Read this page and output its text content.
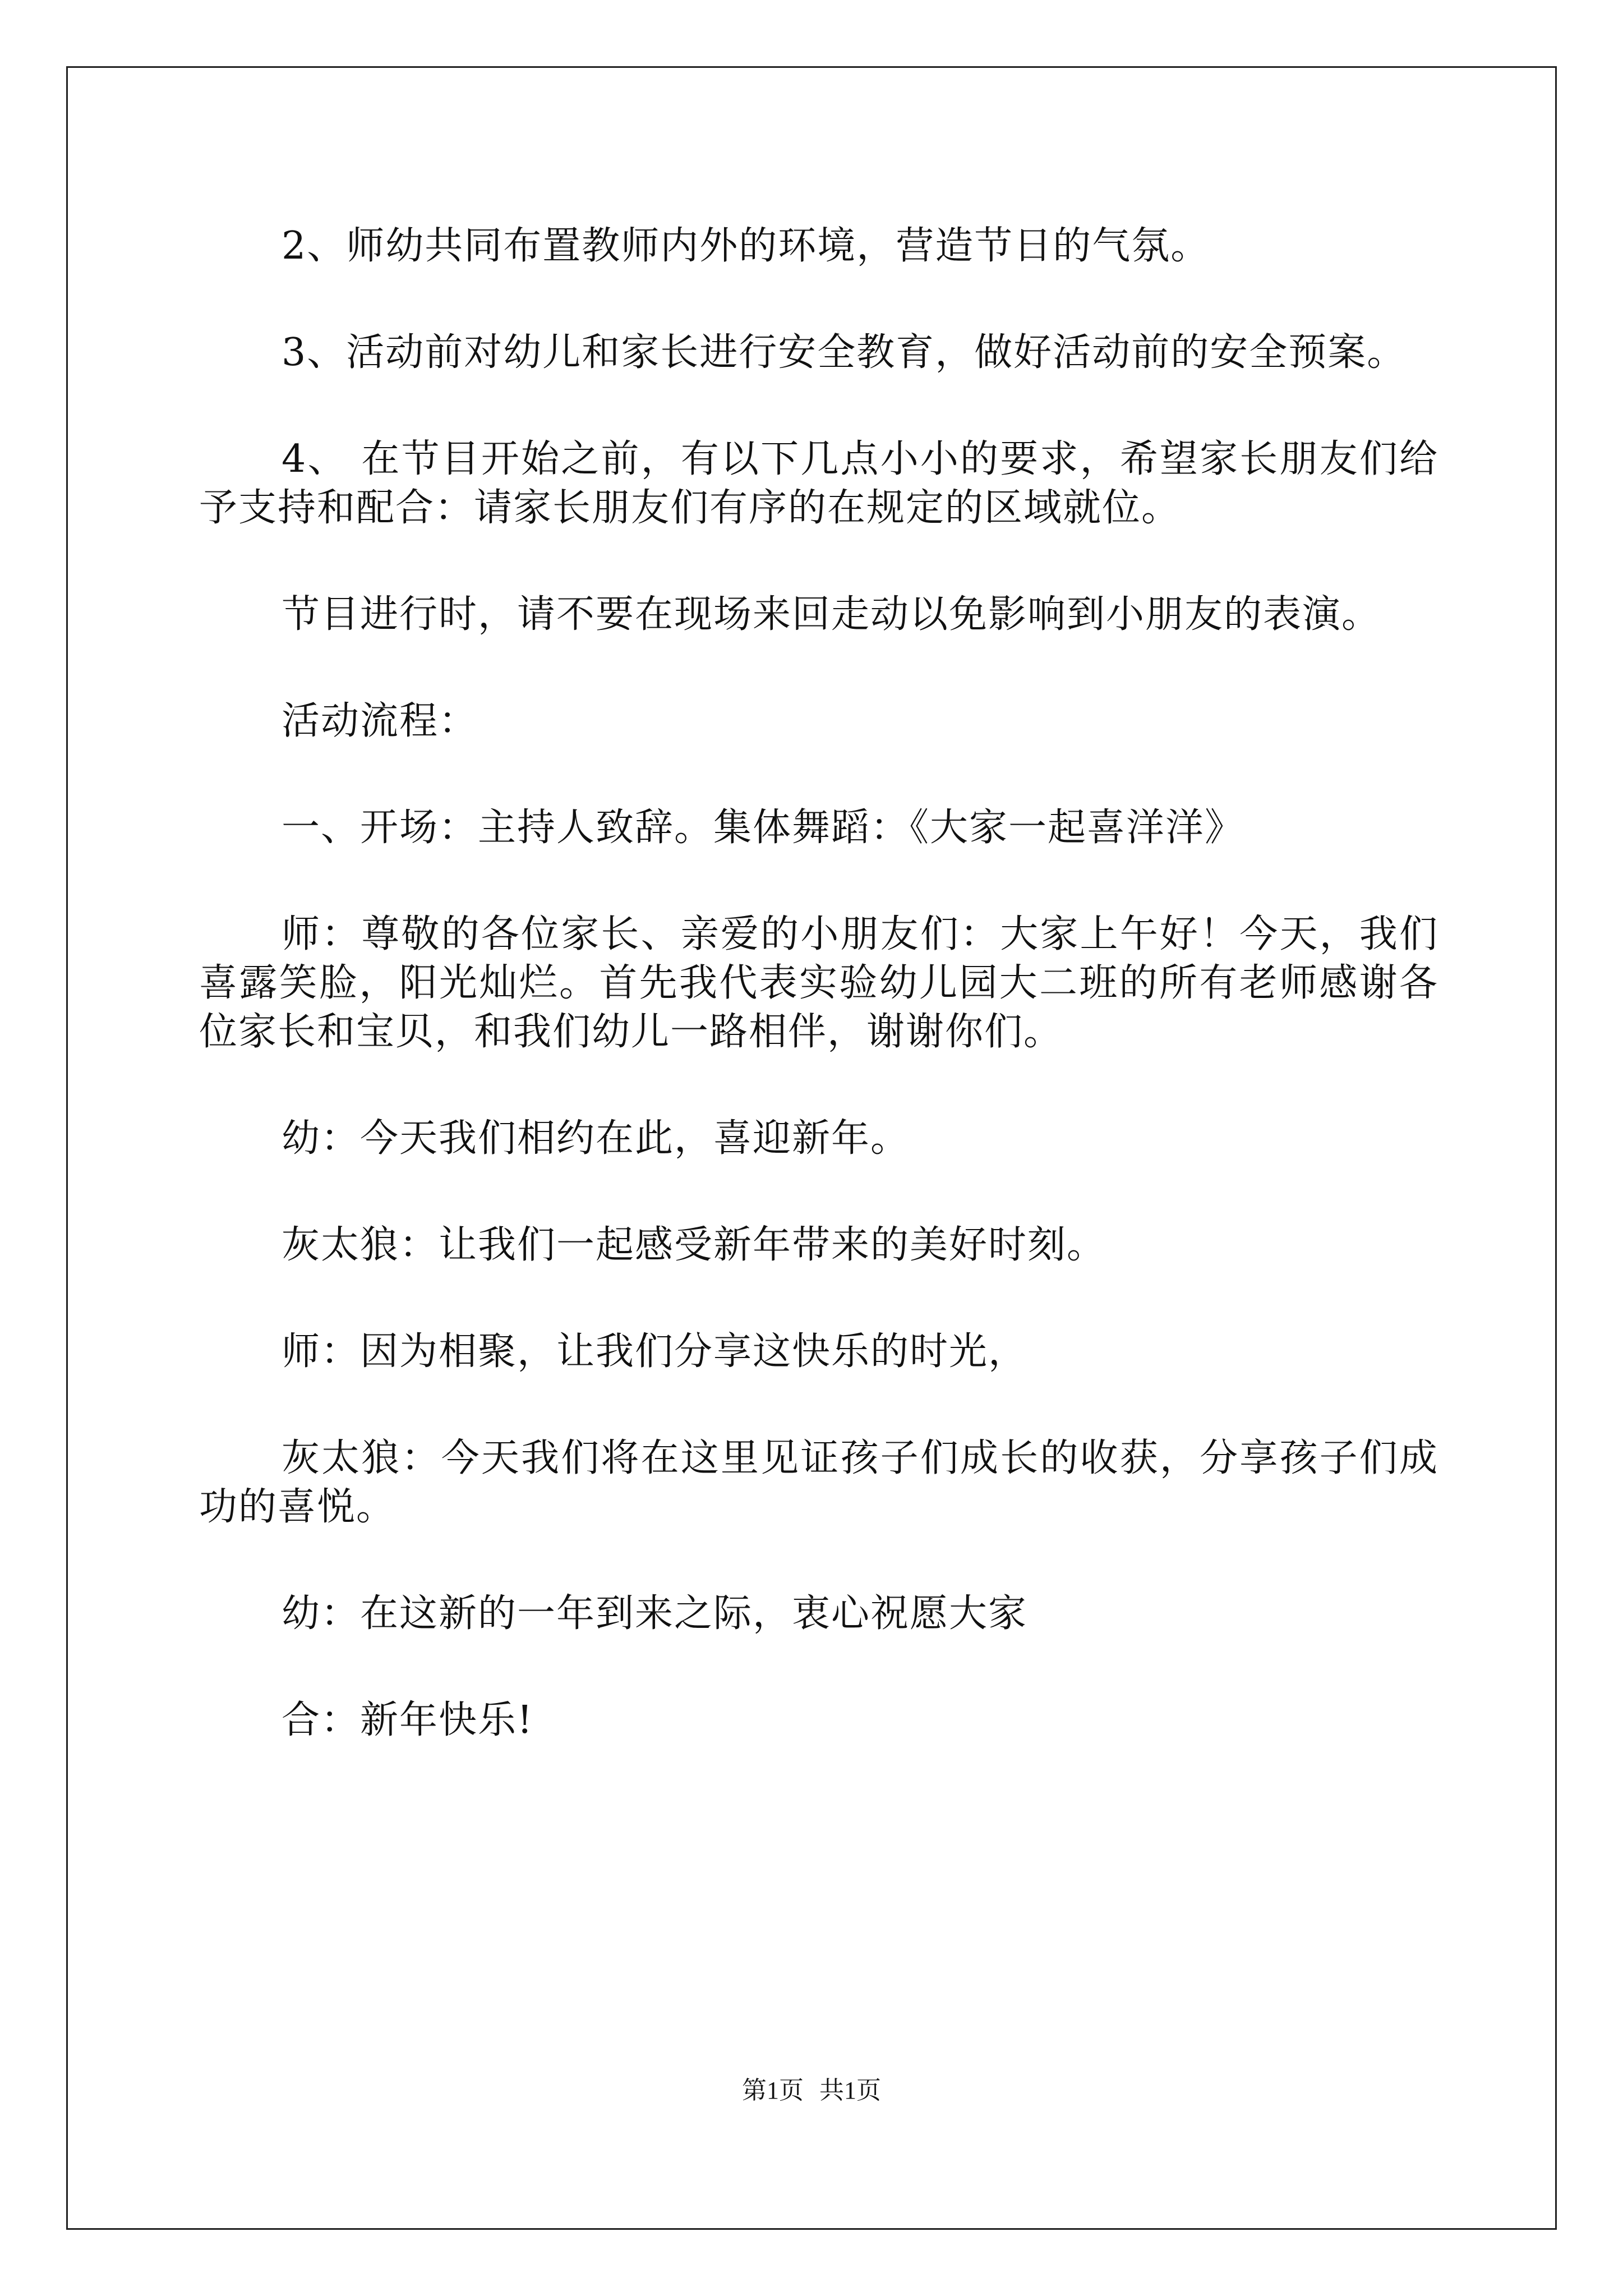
2、师幼共同布置教师内外的环境，营造节日的气氛。

3、活动前对幼儿和家长进行安全教育，做好活动前的安全预案。

4、 在节目开始之前，有以下几点小小的要求，希望家长朋友们给予支持和配合：请家长朋友们有序的在规定的区域就位。

节目进行时，请不要在现场来回走动以免影响到小朋友的表演。

活动流程：

一、开场：主持人致辞。集体舞蹈：《大家一起喜洋洋》

师：尊敬的各位家长、亲爱的小朋友们：大家上午好！今天，我们喜露笑脸，阳光灿烂。首先我代表实验幼儿园大二班的所有老师感谢各位家长和宝贝，和我们幼儿一路相伴，谢谢你们。

幼：今天我们相约在此，喜迎新年。

灰太狼：让我们一起感受新年带来的美好时刻。

师：因为相聚，让我们分享这快乐的时光，

灰太狼：今天我们将在这里见证孩子们成长的收获，分享孩子们成功的喜悦。

幼：在这新的一年到来之际，衷心祝愿大家

合：新年快乐!

第1页 共1页
